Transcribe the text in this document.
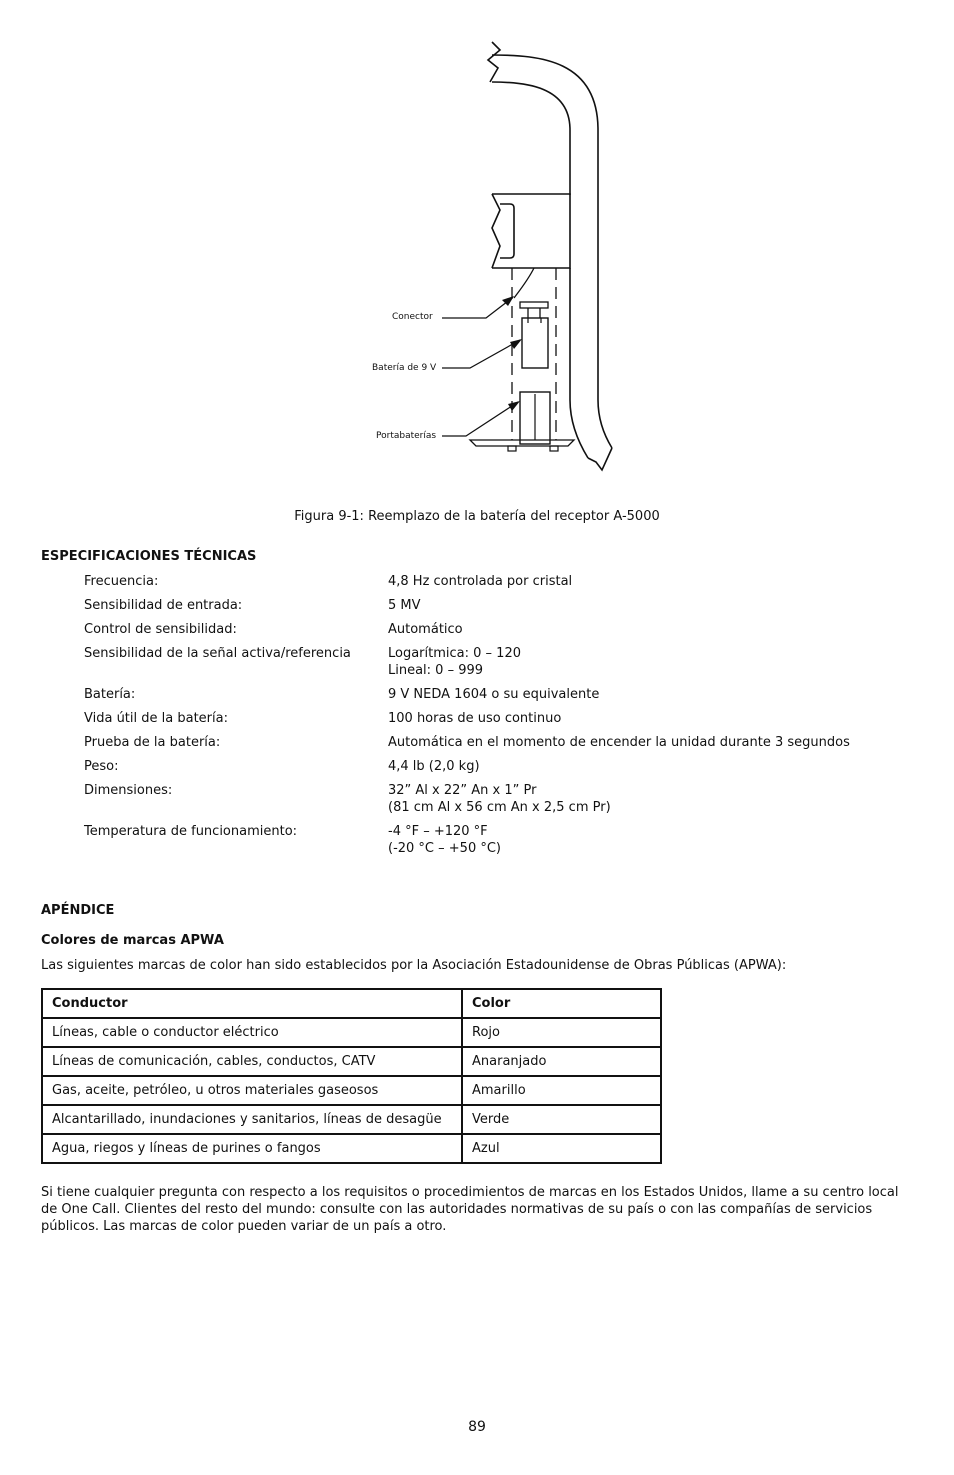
Conector
Batería de 9 V
Portabaterías
Figura 9-1: Reemplazo de la batería del receptor A-5000
ESPECIFICACIONES TÉCNICAS
Frecuencia:	4,8 Hz controlada por cristal
Sensibilidad de entrada:	5 MV
Control de sensibilidad:	Automático
Sensibilidad de la señal activa/referencia	Logarítmica: 0 – 120
Lineal: 0 – 999
Batería:	9 V NEDA 1604 o su equivalente
Vida útil de la batería:	100 horas de uso continuo
Prueba de la batería:	Automática en el momento de encender la unidad durante 3 segundos
Peso:	4,4 lb (2,0 kg)
Dimensiones:	32” Al x 22” An x 1” Pr
(81 cm Al x 56 cm An x 2,5 cm Pr)
Temperatura de funcionamiento:	-4 °F – +120 °F
(-20 °C – +50 °C)
APÉNDICE
Colores de marcas APWA
Las siguientes marcas de color han sido establecidos por la Asociación Estadounidense de Obras Públicas (APWA):
Conductor	Color
Líneas, cable o conductor eléctrico	Rojo
Líneas de comunicación, cables, conductos, CATV	Anaranjado
Gas, aceite, petróleo, u otros materiales gaseosos	Amarillo
Alcantarillado, inundaciones y sanitarios, líneas de desagüe	Verde
Agua, riegos y líneas de purines o fangos	Azul
Si tiene cualquier pregunta con respecto a los requisitos o procedimientos de marcas en los Estados Unidos, llame a su centro local de One Call. Clientes del resto del mundo: consulte con las autoridades normativas de su país o con las compañías de servicios públicos. Las marcas de color pueden variar de un país a otro.
89
